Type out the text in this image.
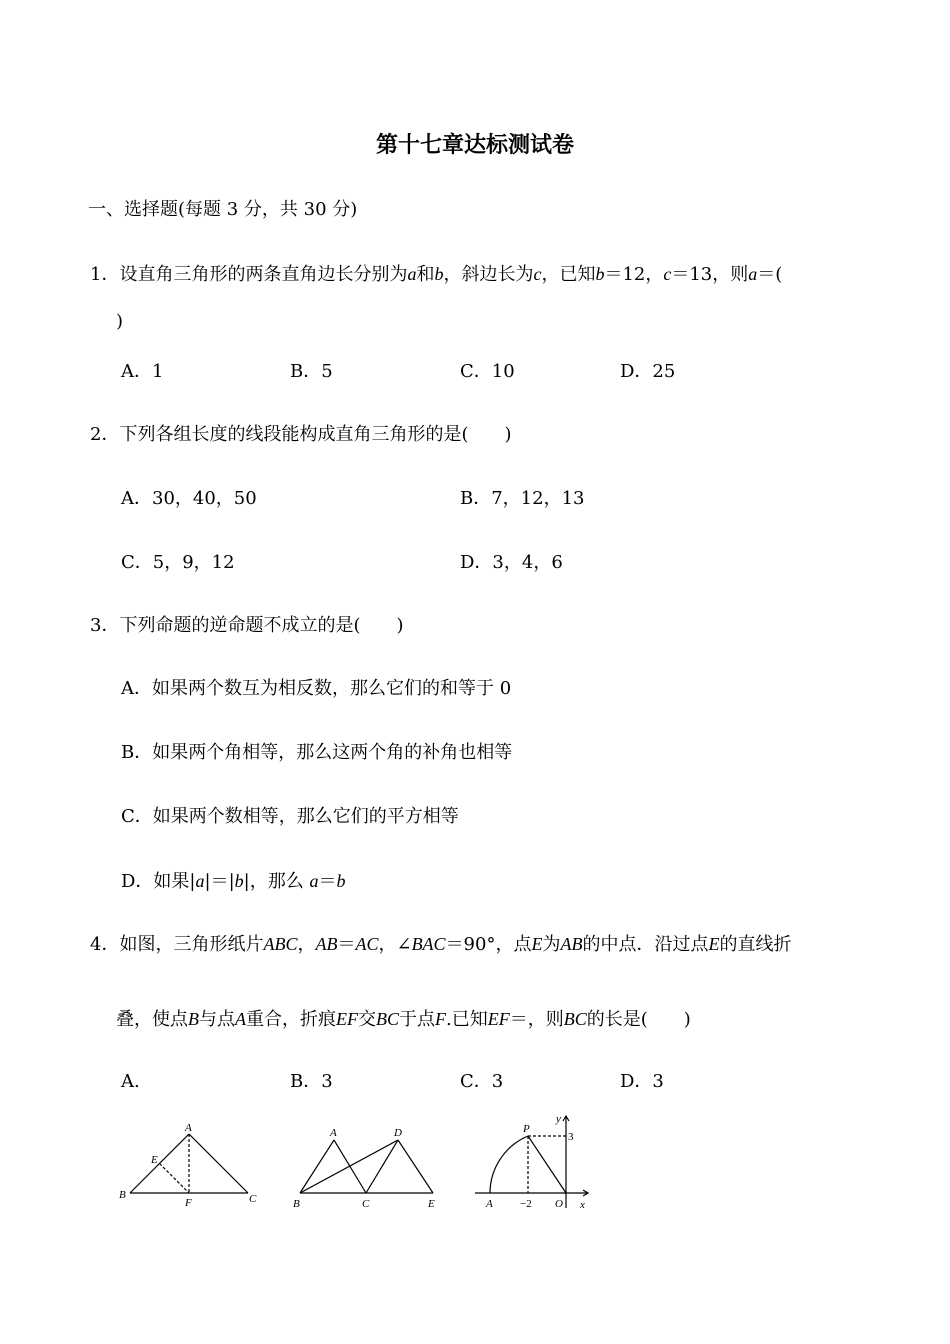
第十七章达标测试卷
一、选择题(每题 3 分，共 30 分)
1．设直角三角形的两条直角边长分别为a和b，斜边长为c，已知b＝12，c＝13，则a＝(
)
A．1	B．5	C．10	D．25
2．下列各组长度的线段能构成直角三角形的是(　　)
A．30，40，50	B．7，12，13
C．5，9，12	D．3，4，6
3．下列命题的逆命题不成立的是(　　)
A．如果两个数互为相反数，那么它们的和等于 0
B．如果两个角相等，那么这两个角的补角也相等
C．如果两个数相等，那么它们的平方相等
D．如果|a|＝|b|，那么 a＝b
4．如图，三角形纸片ABC，AB＝AC，∠BAC＝90°，点E为AB的中点．沿过点E的直线折
叠，使点B与点A重合，折痕EF交BC于点F.已知EF＝，则BC的长是(　　)
A.	B．3	C．3	D．3
A
B	C
E
F
A	D
B	C	E
P
y
3
A −2 O x
